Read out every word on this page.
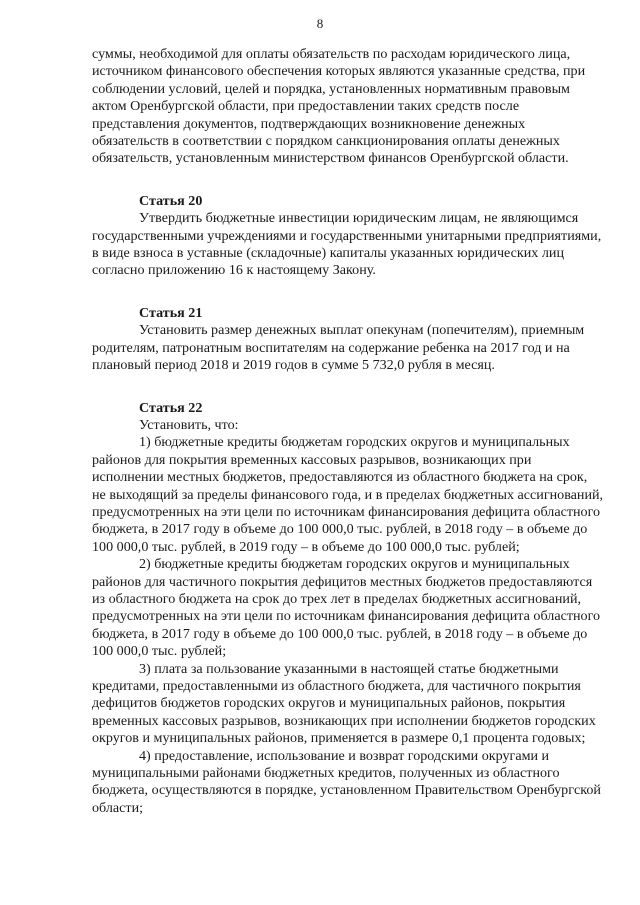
8

суммы, необходимой для оплаты обязательств по расходам юридического лица, источником финансового обеспечения которых являются указанные средства, при соблюдении условий, целей и порядка, установленных нормативным правовым актом Оренбургской области, при предоставлении таких средств после представления документов, подтверждающих возникновение денежных обязательств в соответствии с порядком санкционирования оплаты денежных обязательств, установленным министерством финансов Оренбургской области.

Статья 20

Утвердить бюджетные инвестиции юридическим лицам, не являющимся государственными учреждениями и государственными унитарными предприятиями, в виде взноса в уставные (складочные) капиталы указанных юридических лиц согласно приложению 16 к настоящему Закону.

Статья 21

Установить размер денежных выплат опекунам (попечителям), приемным родителям, патронатным воспитателям на содержание ребенка на 2017 год и на плановый период 2018 и 2019 годов в сумме 5 732,0 рубля в месяц.

Статья 22

Установить, что:

1) бюджетные кредиты бюджетам городских округов и муниципальных районов для покрытия временных кассовых разрывов, возникающих при исполнении местных бюджетов, предоставляются из областного бюджета на срок, не выходящий за пределы финансового года, и в пределах бюджетных ассигнований, предусмотренных на эти цели по источникам финансирования дефицита областного бюджета, в 2017 году в объеме до 100 000,0 тыс. рублей, в 2018 году – в объеме до 100 000,0 тыс. рублей, в 2019 году – в объеме до 100 000,0 тыс. рублей;

2) бюджетные кредиты бюджетам городских округов и муниципальных районов для частичного покрытия дефицитов местных бюджетов предоставляются из областного бюджета на срок до трех лет в пределах бюджетных ассигнований, предусмотренных на эти цели по источникам финансирования дефицита областного бюджета, в 2017 году в объеме до 100 000,0 тыс. рублей, в 2018 году – в объеме до 100 000,0 тыс. рублей;

3) плата за пользование указанными в настоящей статье бюджетными кредитами, предоставленными из областного бюджета, для частичного покрытия дефицитов бюджетов городских округов и муниципальных районов, покрытия временных кассовых разрывов, возникающих при исполнении бюджетов городских округов и муниципальных районов, применяется в размере 0,1 процента годовых;

4) предоставление, использование и возврат городскими округами и муниципальными районами бюджетных кредитов, полученных из областного бюджета, осуществляются в порядке, установленном Правительством Оренбургской области;
